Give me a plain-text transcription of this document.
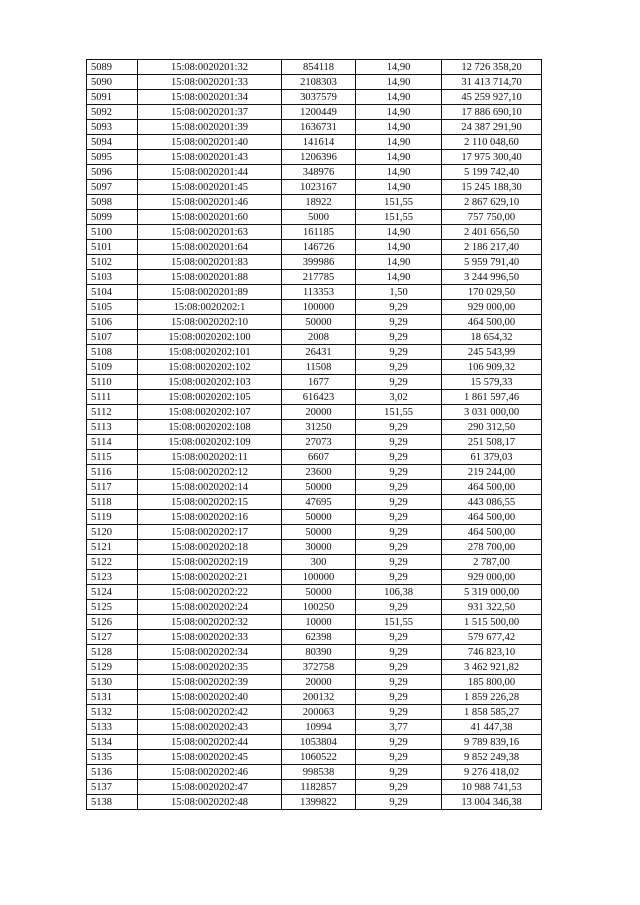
5089	15:08:0020201:32	854118	14,90	12 726 358,20
5090	15:08:0020201:33	2108303	14,90	31 413 714,70
5091	15:08:0020201:34	3037579	14,90	45 259 927,10
5092	15:08:0020201:37	1200449	14,90	17 886 690,10
5093	15:08:0020201:39	1636731	14,90	24 387 291,90
5094	15:08:0020201:40	141614	14,90	2 110 048,60
5095	15:08:0020201:43	1206396	14,90	17 975 300,40
5096	15:08:0020201:44	348976	14,90	5 199 742,40
5097	15:08:0020201:45	1023167	14,90	15 245 188,30
5098	15:08:0020201:46	18922	151,55	2 867 629,10
5099	15:08:0020201:60	5000	151,55	757 750,00
5100	15:08:0020201:63	161185	14,90	2 401 656,50
5101	15:08:0020201:64	146726	14,90	2 186 217,40
5102	15:08:0020201:83	399986	14,90	5 959 791,40
5103	15:08:0020201:88	217785	14,90	3 244 996,50
5104	15:08:0020201:89	113353	1,50	170 029,50
5105	15:08:0020202:1	100000	9,29	929 000,00
5106	15:08:0020202:10	50000	9,29	464 500,00
5107	15:08:0020202:100	2008	9,29	18 654,32
5108	15:08:0020202:101	26431	9,29	245 543,99
5109	15:08:0020202:102	11508	9,29	106 909,32
5110	15:08:0020202:103	1677	9,29	15 579,33
5111	15:08:0020202:105	616423	3,02	1 861 597,46
5112	15:08:0020202:107	20000	151,55	3 031 000,00
5113	15:08:0020202:108	31250	9,29	290 312,50
5114	15:08:0020202:109	27073	9,29	251 508,17
5115	15:08:0020202:11	6607	9,29	61 379,03
5116	15:08:0020202:12	23600	9,29	219 244,00
5117	15:08:0020202:14	50000	9,29	464 500,00
5118	15:08:0020202:15	47695	9,29	443 086,55
5119	15:08:0020202:16	50000	9,29	464 500,00
5120	15:08:0020202:17	50000	9,29	464 500,00
5121	15:08:0020202:18	30000	9,29	278 700,00
5122	15:08:0020202:19	300	9,29	2 787,00
5123	15:08:0020202:21	100000	9,29	929 000,00
5124	15:08:0020202:22	50000	106,38	5 319 000,00
5125	15:08:0020202:24	100250	9,29	931 322,50
5126	15:08:0020202:32	10000	151,55	1 515 500,00
5127	15:08:0020202:33	62398	9,29	579 677,42
5128	15:08:0020202:34	80390	9,29	746 823,10
5129	15:08:0020202:35	372758	9,29	3 462 921,82
5130	15:08:0020202:39	20000	9,29	185 800,00
5131	15:08:0020202:40	200132	9,29	1 859 226,28
5132	15:08:0020202:42	200063	9,29	1 858 585,27
5133	15:08:0020202:43	10994	3,77	41 447,38
5134	15:08:0020202:44	1053804	9,29	9 789 839,16
5135	15:08:0020202:45	1060522	9,29	9 852 249,38
5136	15:08:0020202:46	998538	9,29	9 276 418,02
5137	15:08:0020202:47	1182857	9,29	10 988 741,53
5138	15:08:0020202:48	1399822	9,29	13 004 346,38
